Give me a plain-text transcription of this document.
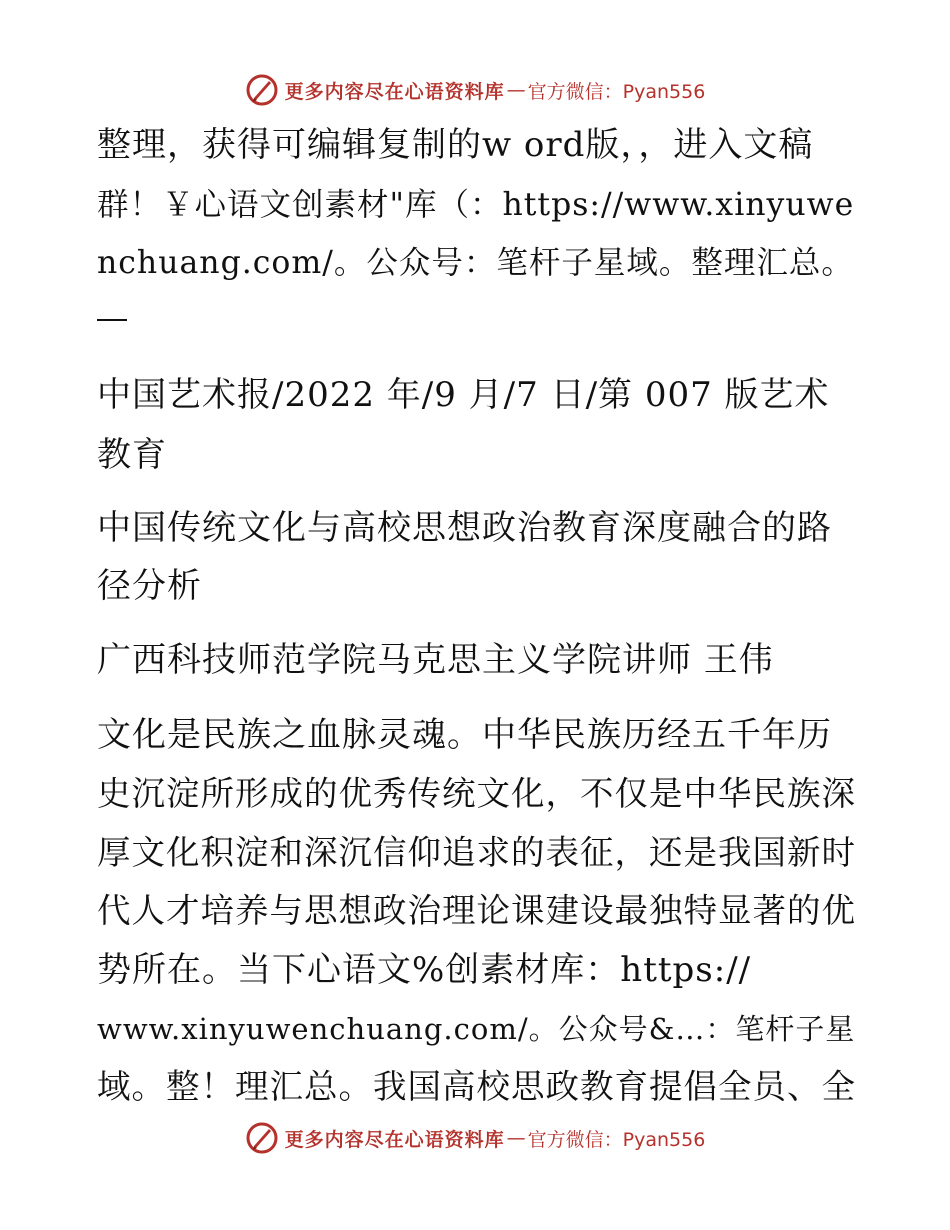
更多内容尽在心语资料库 — 官方微信：Pyan556
整理，获得可编辑复制的w ord版，，进入文稿
群！￥心语文创素材"库（：https://www.xinyuwe
nchuang.com/。公众号：笔杆子星域。整理汇总。
中国艺术报/2022 年/9 月/7 日/第 007 版艺术
教育
中国传统文化与高校思想政治教育深度融合的路
径分析
广西科技师范学院马克思主义学院讲师 王伟
文化是民族之血脉灵魂。中华民族历经五千年历
史沉淀所形成的优秀传统文化，不仅是中华民族深
厚文化积淀和深沉信仰追求的表征，还是我国新时
代人才培养与思想政治理论课建设最独特显著的优
势所在。当下心语文%创素材库：https://
www.xinyuwenchuang.com/。公众号&…：笔杆子星
域。整！理汇总。我国高校思政教育提倡全员、全
更多内容尽在心语资料库 — 官方微信：Pyan556
